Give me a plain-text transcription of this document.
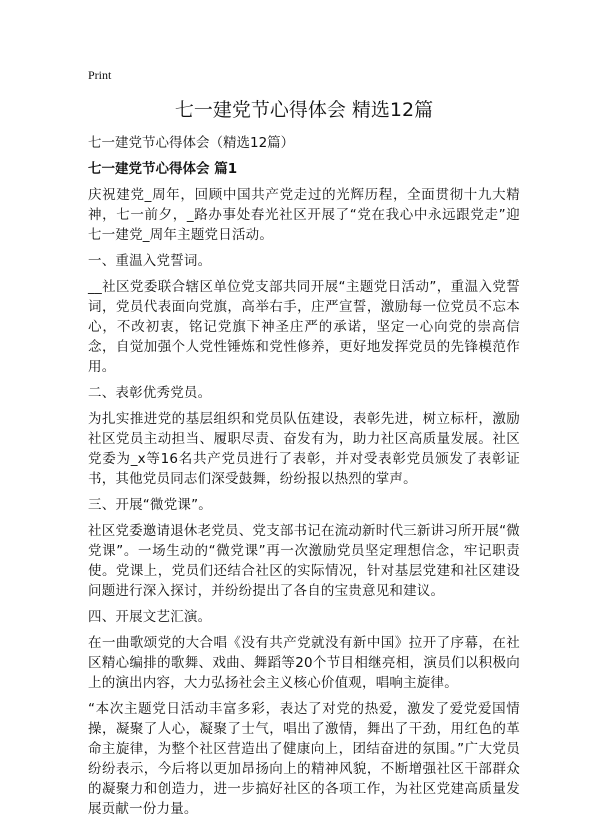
Print
七一建党节心得体会 精选12篇
七一建党节心得体会（精选12篇）
七一建党节心得体会 篇1

庆祝建党_周年，回顾中国共产党走过的光辉历程，全面贯彻十九大精神，七一前夕，_路办事处春光社区开展了“党在我心中永远跟党走”迎七一建党_周年主题党日活动。

一、重温入党誓词。

__社区党委联合辖区单位党支部共同开展“主题党日活动”，重温入党誓词，党员代表面向党旗，高举右手，庄严宣誓，激励每一位党员不忘本心，不改初衷，铭记党旗下神圣庄严的承诺，坚定一心向党的崇高信念，自觉加强个人党性锤炼和党性修养，更好地发挥党员的先锋模范作用。

二、表彰优秀党员。

为扎实推进党的基层组织和党员队伍建设，表彰先进，树立标杆，激励社区党员主动担当、履职尽责、奋发有为，助力社区高质量发展。社区党委为_x等16名共产党员进行了表彰，并对受表彰党员颁发了表彰证书，其他党员同志们深受鼓舞，纷纷报以热烈的掌声。

三、开展“微党课”。

社区党委邀请退休老党员、党支部书记在流动新时代三新讲习所开展“微党课”。一场生动的“微党课”再一次激励党员坚定理想信念，牢记职责使。党课上，党员们还结合社区的实际情况，针对基层党建和社区建设问题进行深入探讨，并纷纷提出了各自的宝贵意见和建议。

四、开展文艺汇演。

在一曲歌颂党的大合唱《没有共产党就没有新中国》拉开了序幕，在社区精心编排的歌舞、戏曲、舞蹈等20个节目相继亮相，演员们以积极向上的演出内容，大力弘扬社会主义核心价值观，唱响主旋律。

“本次主题党日活动丰富多彩，表达了对党的热爱，激发了爱党爱国情操，凝聚了人心，凝聚了士气，唱出了激情，舞出了干劲，用红色的革命主旋律，为整个社区营造出了健康向上，团结奋进的氛围。”广大党员纷纷表示，今后将以更加昂扬向上的精神风貌，不断增强社区干部群众的凝聚力和创造力，进一步搞好社区的各项工作，为社区党建高质量发展贡献一份力量。
